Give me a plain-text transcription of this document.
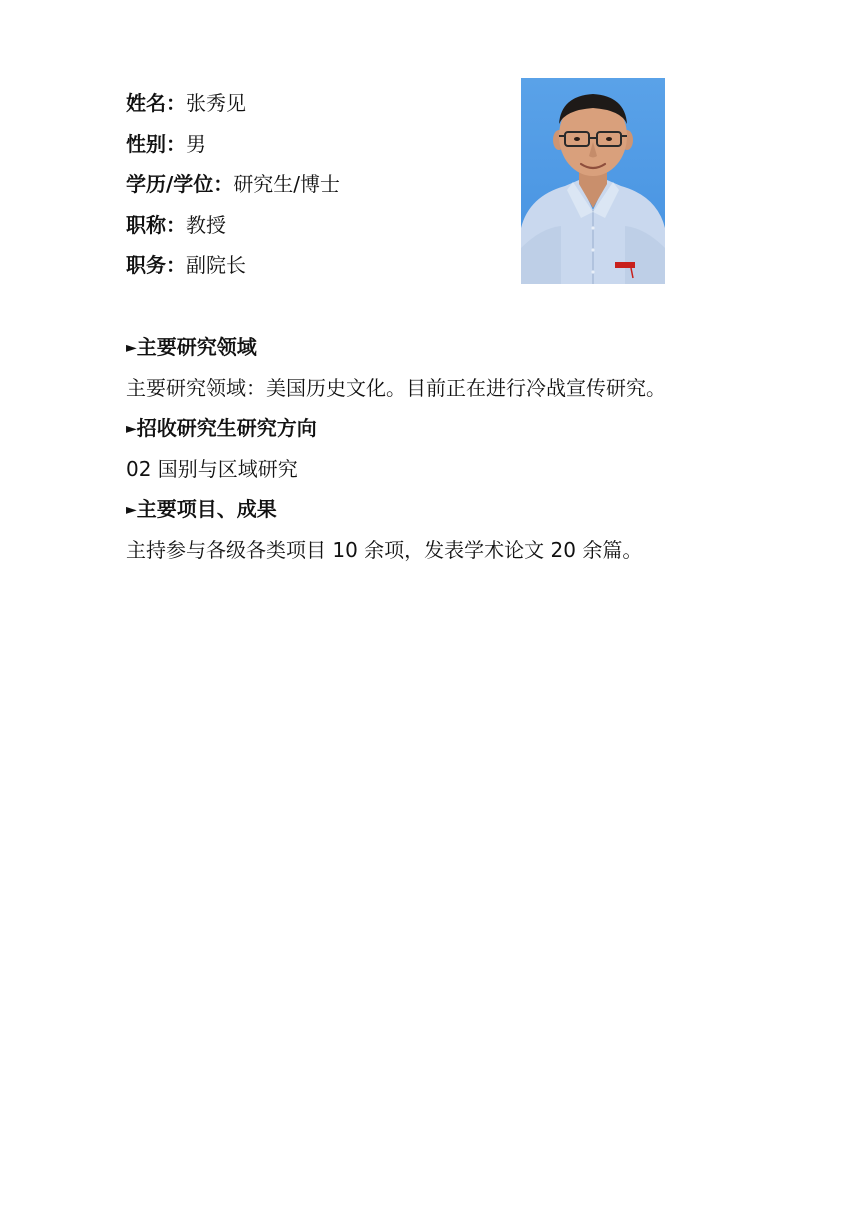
姓名：张秀见
性别：男
学历/学位：研究生/博士
职称：教授
职务：副院长
►主要研究领域
主要研究领域：美国历史文化。目前正在进行冷战宣传研究。
►招收研究生研究方向
02 国别与区域研究
►主要项目、成果
主持参与各级各类项目 10 余项，发表学术论文 20 余篇。
